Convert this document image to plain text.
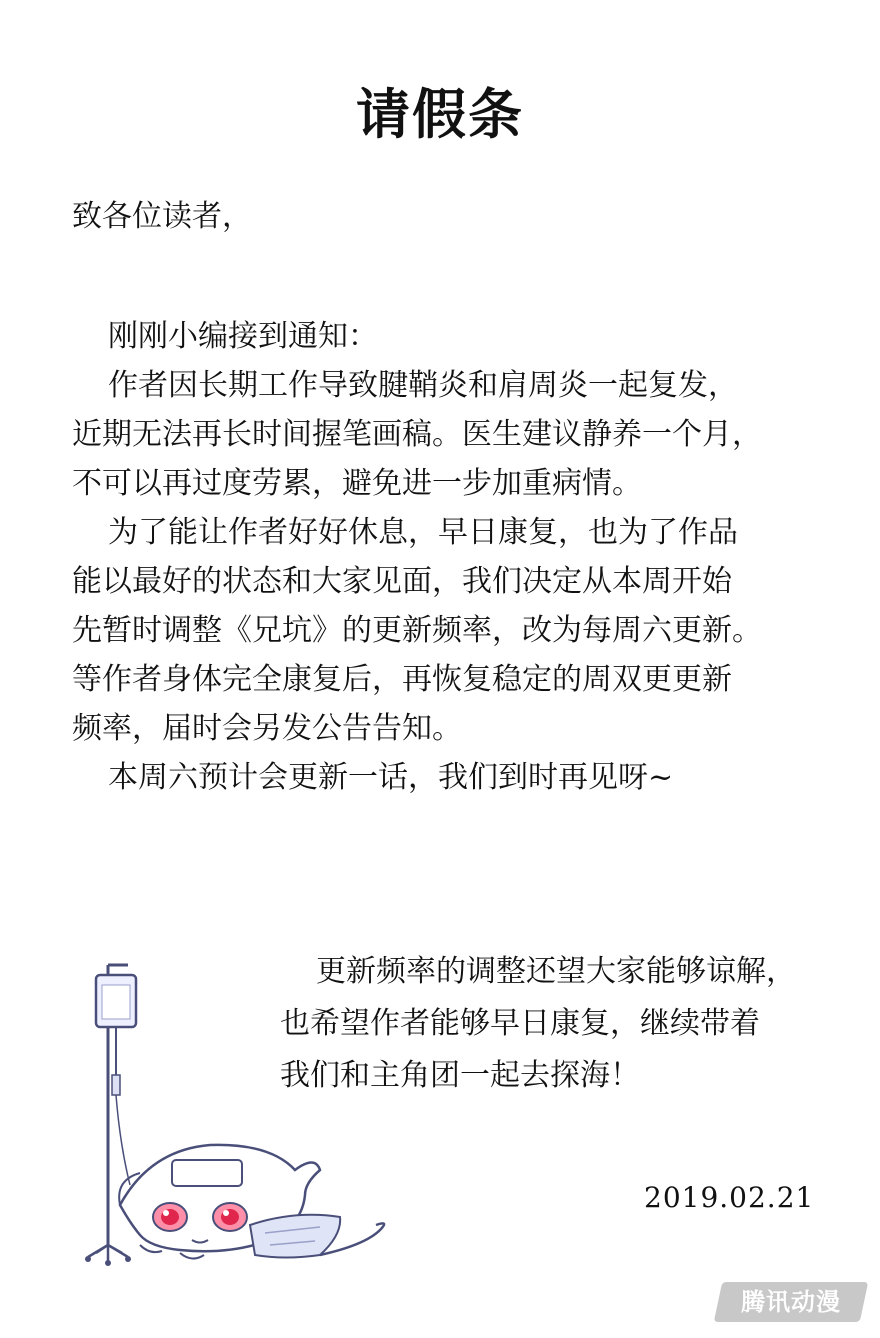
请假条
致各位读者，
刚刚小编接到通知：
作者因长期工作导致腱鞘炎和肩周炎一起复发，
近期无法再长时间握笔画稿。医生建议静养一个月，
不可以再过度劳累，避免进一步加重病情。
为了能让作者好好休息，早日康复，也为了作品
能以最好的状态和大家见面，我们决定从本周开始
先暂时调整《兄坑》的更新频率，改为每周六更新。
等作者身体完全康复后，再恢复稳定的周双更更新
频率，届时会另发公告告知。
本周六预计会更新一话，我们到时再见呀~
更新频率的调整还望大家能够谅解，
也希望作者能够早日康复，继续带着
我们和主角团一起去探海！
2019.02.21
腾讯动漫
